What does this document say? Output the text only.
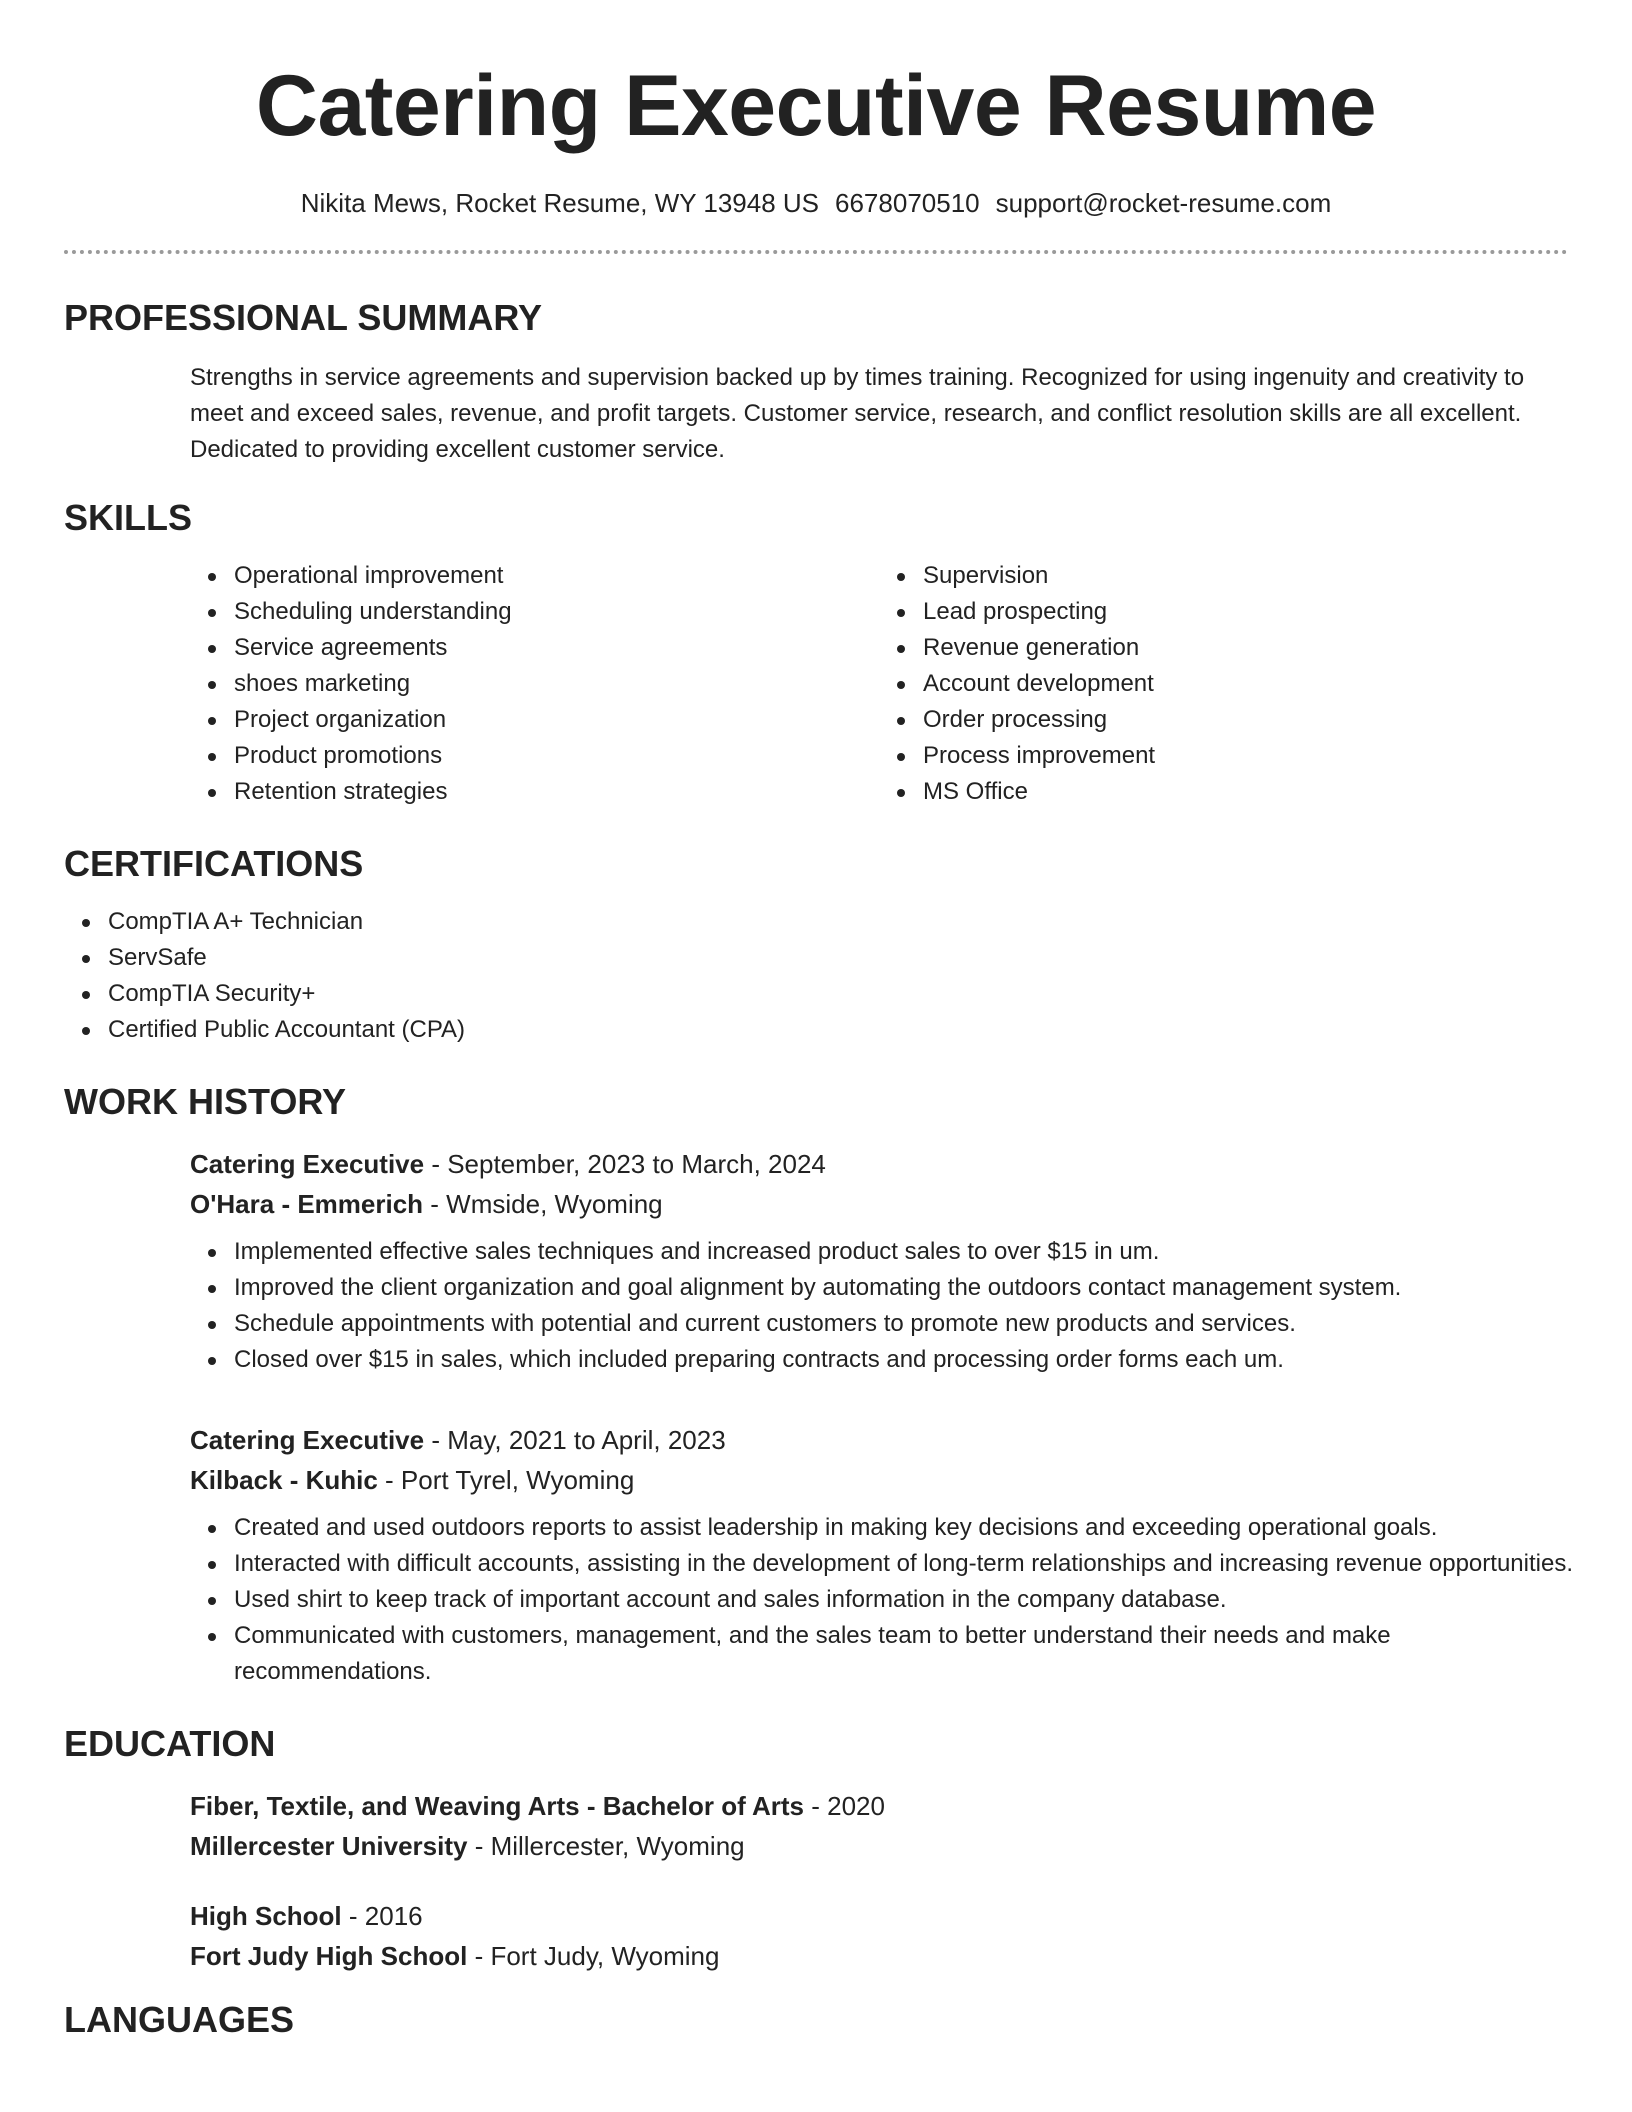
Catering Executive Resume
Nikita Mews, Rocket Resume, WY 13948 US 6678070510 support@rocket-resume.com
PROFESSIONAL SUMMARY
Strengths in service agreements and supervision backed up by times training. Recognized for using ingenuity and creativity to meet and exceed sales, revenue, and profit targets. Customer service, research, and conflict resolution skills are all excellent. Dedicated to providing excellent customer service.
SKILLS
Operational improvement
Scheduling understanding
Service agreements
shoes marketing
Project organization
Product promotions
Retention strategies
Supervision
Lead prospecting
Revenue generation
Account development
Order processing
Process improvement
MS Office
CERTIFICATIONS
CompTIA A+ Technician
ServSafe
CompTIA Security+
Certified Public Accountant (CPA)
WORK HISTORY
Catering Executive - September, 2023 to March, 2024
O'Hara - Emmerich - Wmside, Wyoming
Implemented effective sales techniques and increased product sales to over $15 in um.
Improved the client organization and goal alignment by automating the outdoors contact management system.
Schedule appointments with potential and current customers to promote new products and services.
Closed over $15 in sales, which included preparing contracts and processing order forms each um.
Catering Executive - May, 2021 to April, 2023
Kilback - Kuhic - Port Tyrel, Wyoming
Created and used outdoors reports to assist leadership in making key decisions and exceeding operational goals.
Interacted with difficult accounts, assisting in the development of long-term relationships and increasing revenue opportunities.
Used shirt to keep track of important account and sales information in the company database.
Communicated with customers, management, and the sales team to better understand their needs and make recommendations.
EDUCATION
Fiber, Textile, and Weaving Arts - Bachelor of Arts - 2020
Millercester University - Millercester, Wyoming
High School - 2016
Fort Judy High School - Fort Judy, Wyoming
LANGUAGES
